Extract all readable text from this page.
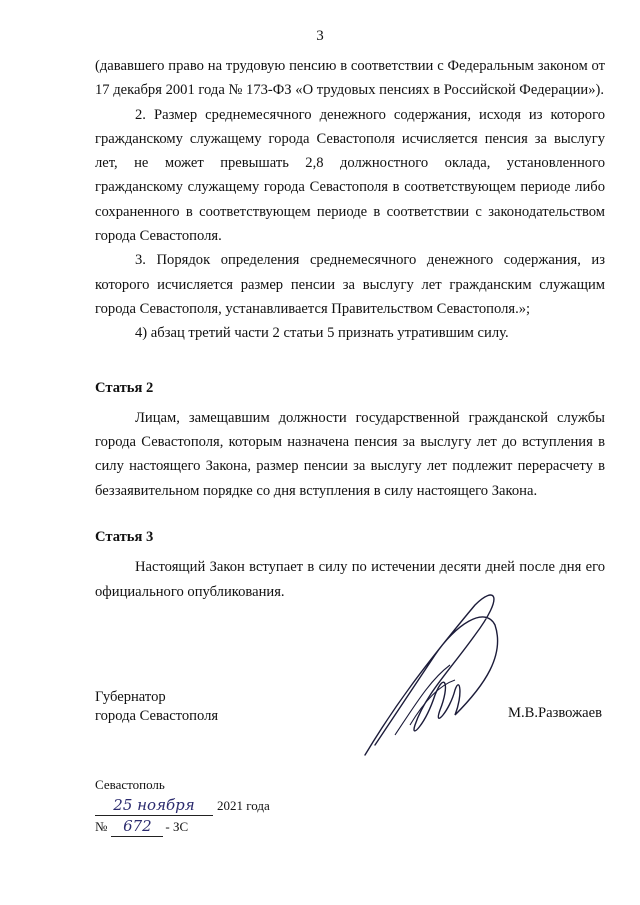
3

(дававшего право на трудовую пенсию в соответствии с Федеральным законом от 17 декабря 2001 года № 173-ФЗ «О трудовых пенсиях в Российской Федерации»).

2. Размер среднемесячного денежного содержания, исходя из которого гражданскому служащему города Севастополя исчисляется пенсия за выслугу лет, не может превышать 2,8 должностного оклада, установленного гражданскому служащему города Севастополя в соответствующем периоде либо сохраненного в соответствующем периоде в соответствии с законодательством города Севастополя.

3. Порядок определения среднемесячного денежного содержания, из которого исчисляется размер пенсии за выслугу лет гражданским служащим города Севастополя, устанавливается Правительством Севастополя.»;

4) абзац третий части 2 статьи 5 признать утратившим силу.

Статья 2

Лицам, замещавшим должности государственной гражданской службы города Севастополя, которым назначена пенсия за выслугу лет до вступления в силу настоящего Закона, размер пенсии за выслугу лет подлежит перерасчету в беззаявительном порядке со дня вступления в силу настоящего Закона.

Статья 3

Настоящий Закон вступает в силу по истечении десяти дней после дня его официального опубликования.

Губернатор
города Севастополя	М.В.Развожаев
Севастополь
25 ноября	2021 года
№	672	- ЗС
